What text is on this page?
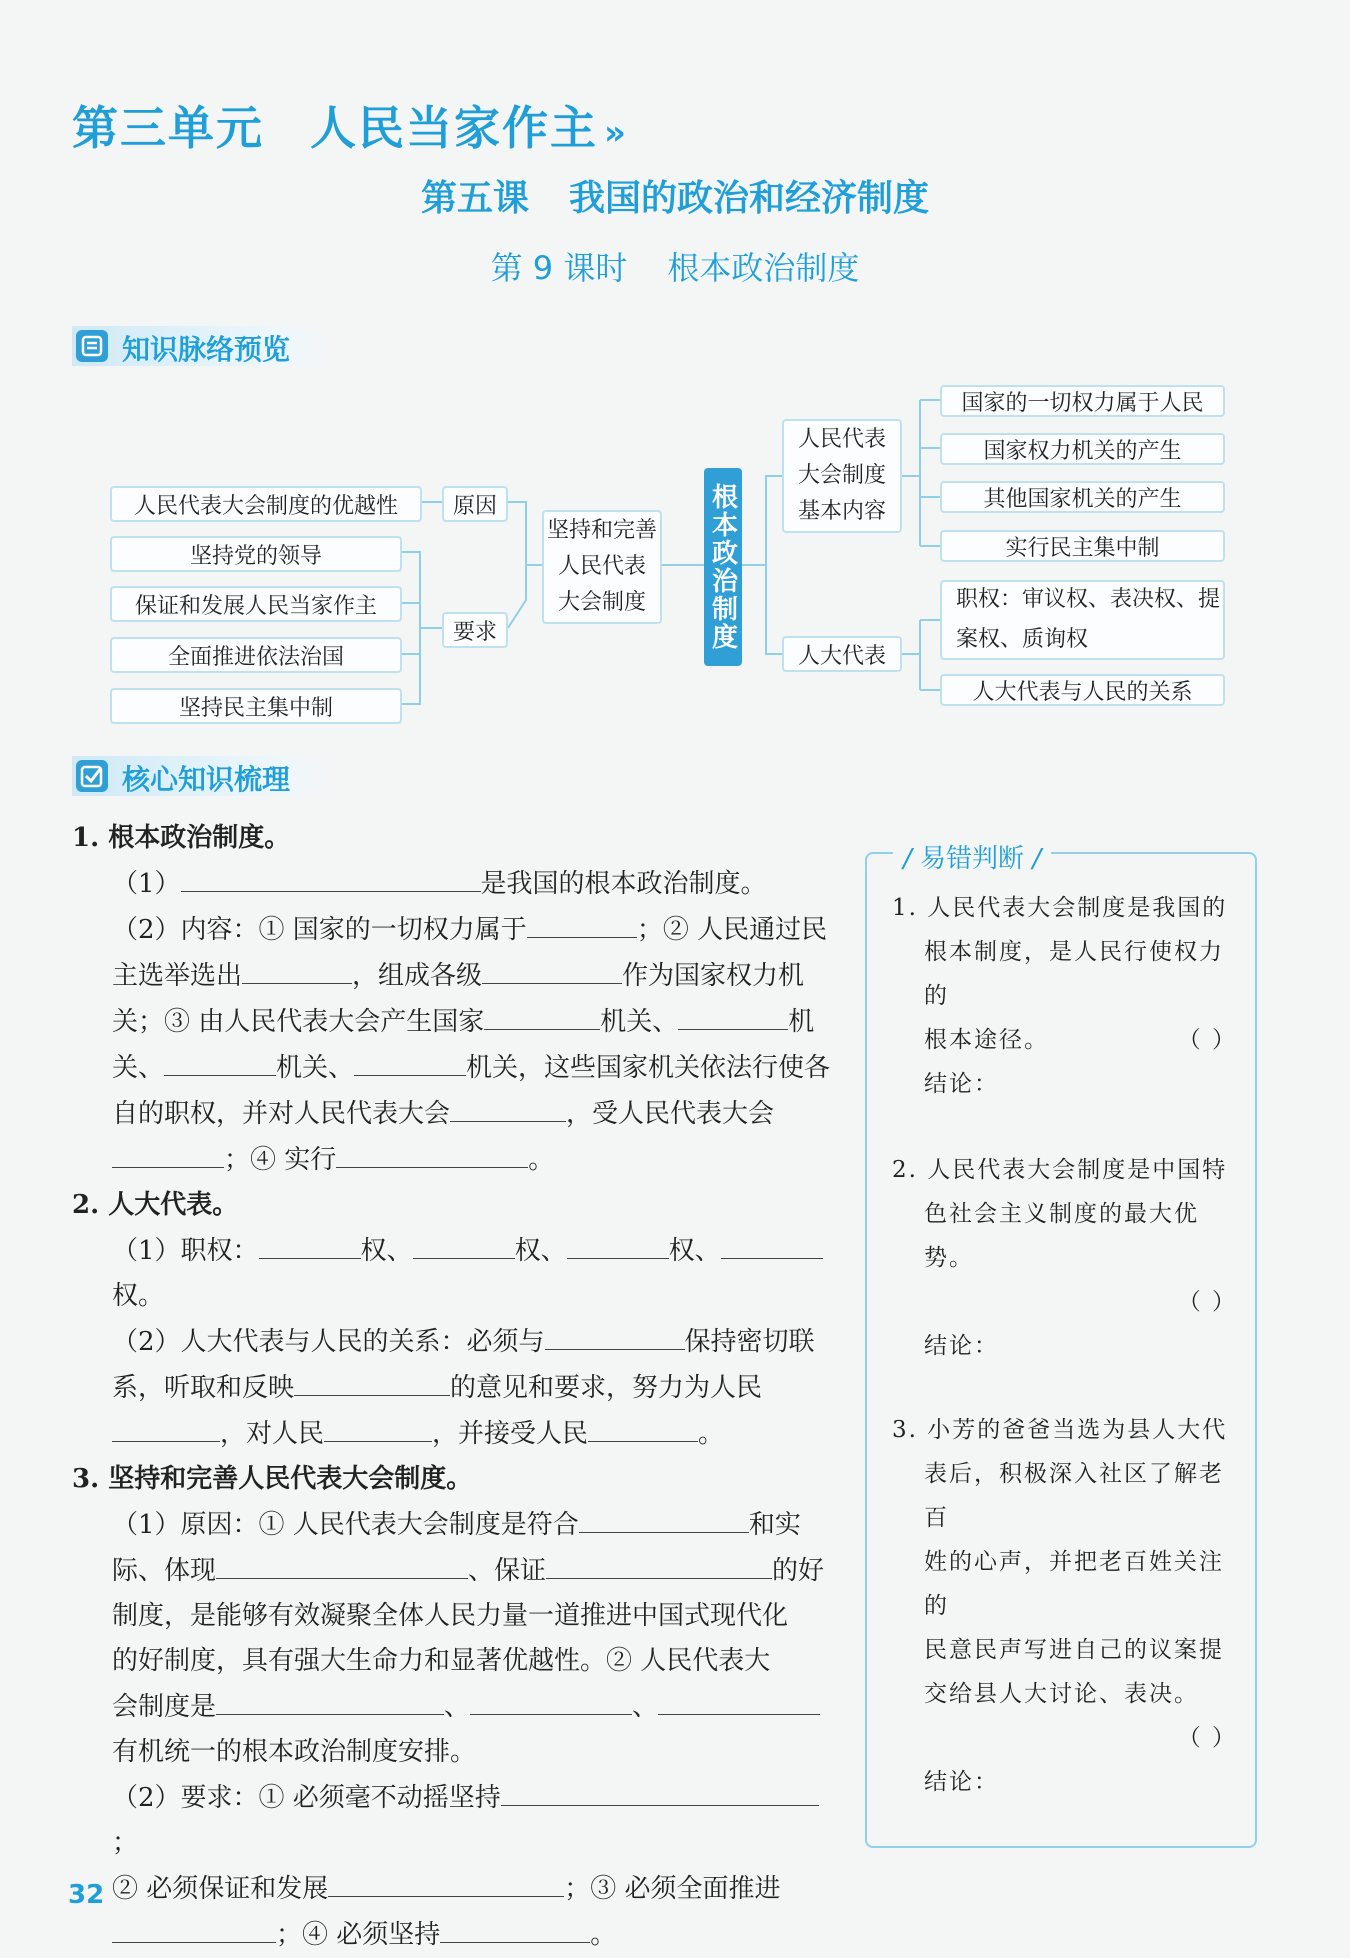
第三单元 人民当家作主 »
第五课 我国的政治和经济制度
第 9 课时 根本政治制度
知识脉络预览
人民代表大会制度的优越性
坚持党的领导
保证和发展人民当家作主
全面推进依法治国
坚持民主集中制
原因
要求
坚持和完善
人民代表
大会制度 根本政治制度
人民代表
大会制度
基本内容
人大代表
国家的一切权力属于人民
国家权力机关的产生
其他国家机关的产生
实行民主集中制
职权：审议权、表决权、提
案权、质询权
人大代表与人民的关系
核心知识梳理
1. 根本政治制度。
（1）	是我国的根本政治制度。
（2）内容：① 国家的一切权力属于	；② 人民通过民
主选举选出	，组成各级	作为国家权力机
关；③ 由人民代表大会产生国家	机关、	机
关、	机关、	机关，这些国家机关依法行使各
自的职权，并对人民代表大会	，受人民代表大会
；④ 实行	。
2. 人大代表。
（1）职权：	权、	权、	权、权。
（2）人大代表与人民的关系：必须与	保持密切联
系，听取和反映	的意见和要求，努力为人民
，对人民	，并接受人民	。
3. 坚持和完善人民代表大会制度。
（1）原因：① 人民代表大会制度是符合	和实
际、体现	、保证	的好
制度，是能够有效凝聚全体人民力量一道推进中国式现代化
的好制度，具有强大生命力和显著优越性。② 人民代表大
会制度是	、	、
有机统一的根本政治制度安排。
（2）要求：① 必须毫不动摇坚持；
② 必须保证和发展	；③ 必须全面推进
；④ 必须坚持	。
/ 易错判断 /
1. 人民代表大会制度是我国的
根本制度，是人民行使权力的
根本途径。	（ ）
结论：
2. 人民代表大会制度是中国特
色社会主义制度的最大优势。
（ ）
结论：
3. 小芳的爸爸当选为县人大代
表后，积极深入社区了解老百
姓的心声，并把老百姓关注的
民意民声写进自己的议案提
交给县人大讨论、表决。
（ ）
结论：
32
